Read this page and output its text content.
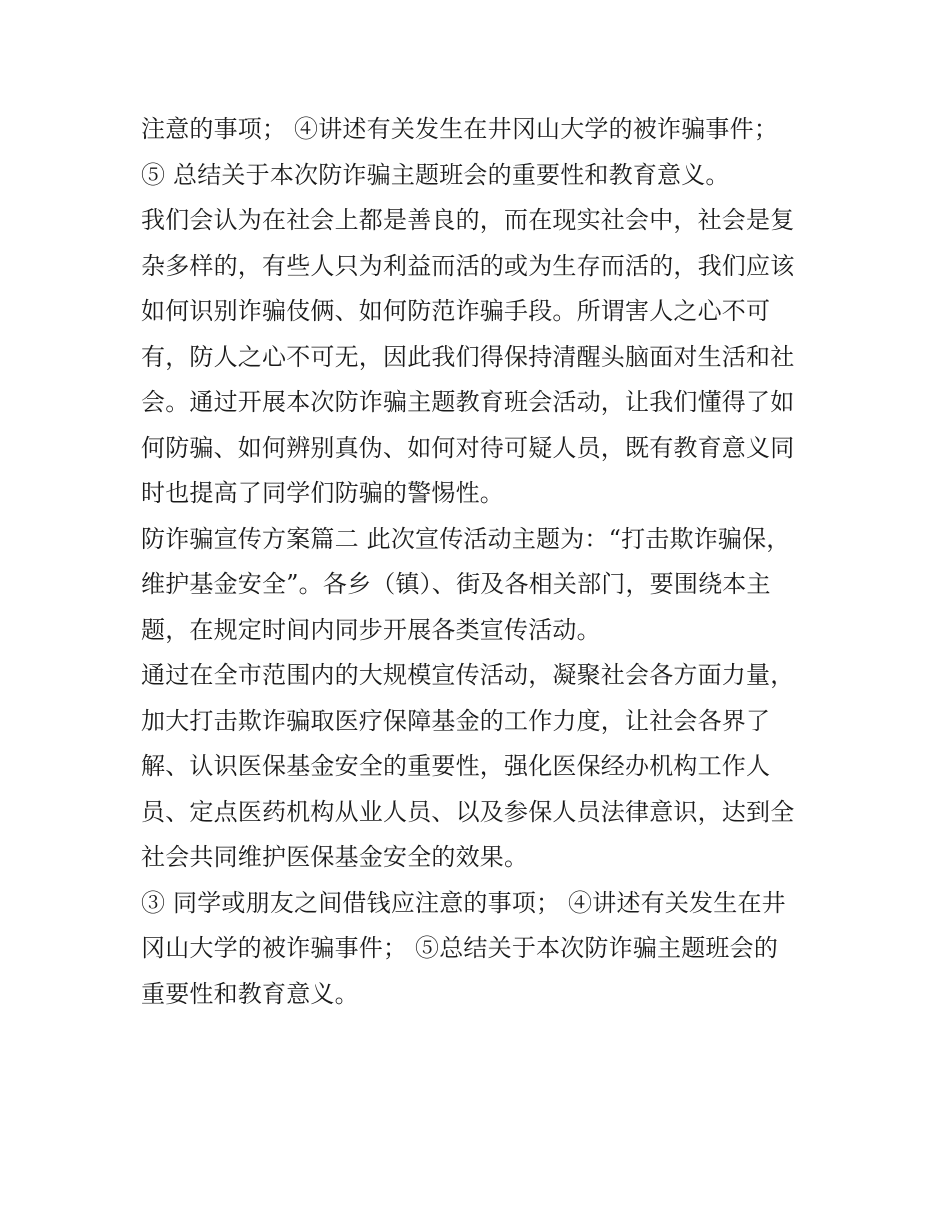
注意的事项； ④讲述有关发生在井冈山大学的被诈骗事件；
⑤ 总结关于本次防诈骗主题班会的重要性和教育意义。
我们会认为在社会上都是善良的，而在现实社会中，社会是复
杂多样的，有些人只为利益而活的或为生存而活的，我们应该
如何识别诈骗伎俩、如何防范诈骗手段。所谓害人之心不可
有，防人之心不可无，因此我们得保持清醒头脑面对生活和社
会。通过开展本次防诈骗主题教育班会活动，让我们懂得了如
何防骗、如何辨别真伪、如何对待可疑人员，既有教育意义同
时也提高了同学们防骗的警惕性。
防诈骗宣传方案篇二 此次宣传活动主题为：“打击欺诈骗保，
维护基金安全”。各乡（镇）、街及各相关部门，要围绕本主
题，在规定时间内同步开展各类宣传活动。
通过在全市范围内的大规模宣传活动，凝聚社会各方面力量，
加大打击欺诈骗取医疗保障基金的工作力度，让社会各界了
解、认识医保基金安全的重要性，强化医保经办机构工作人
员、定点医药机构从业人员、以及参保人员法律意识，达到全
社会共同维护医保基金安全的效果。
③ 同学或朋友之间借钱应注意的事项； ④讲述有关发生在井
冈山大学的被诈骗事件； ⑤总结关于本次防诈骗主题班会的
重要性和教育意义。
